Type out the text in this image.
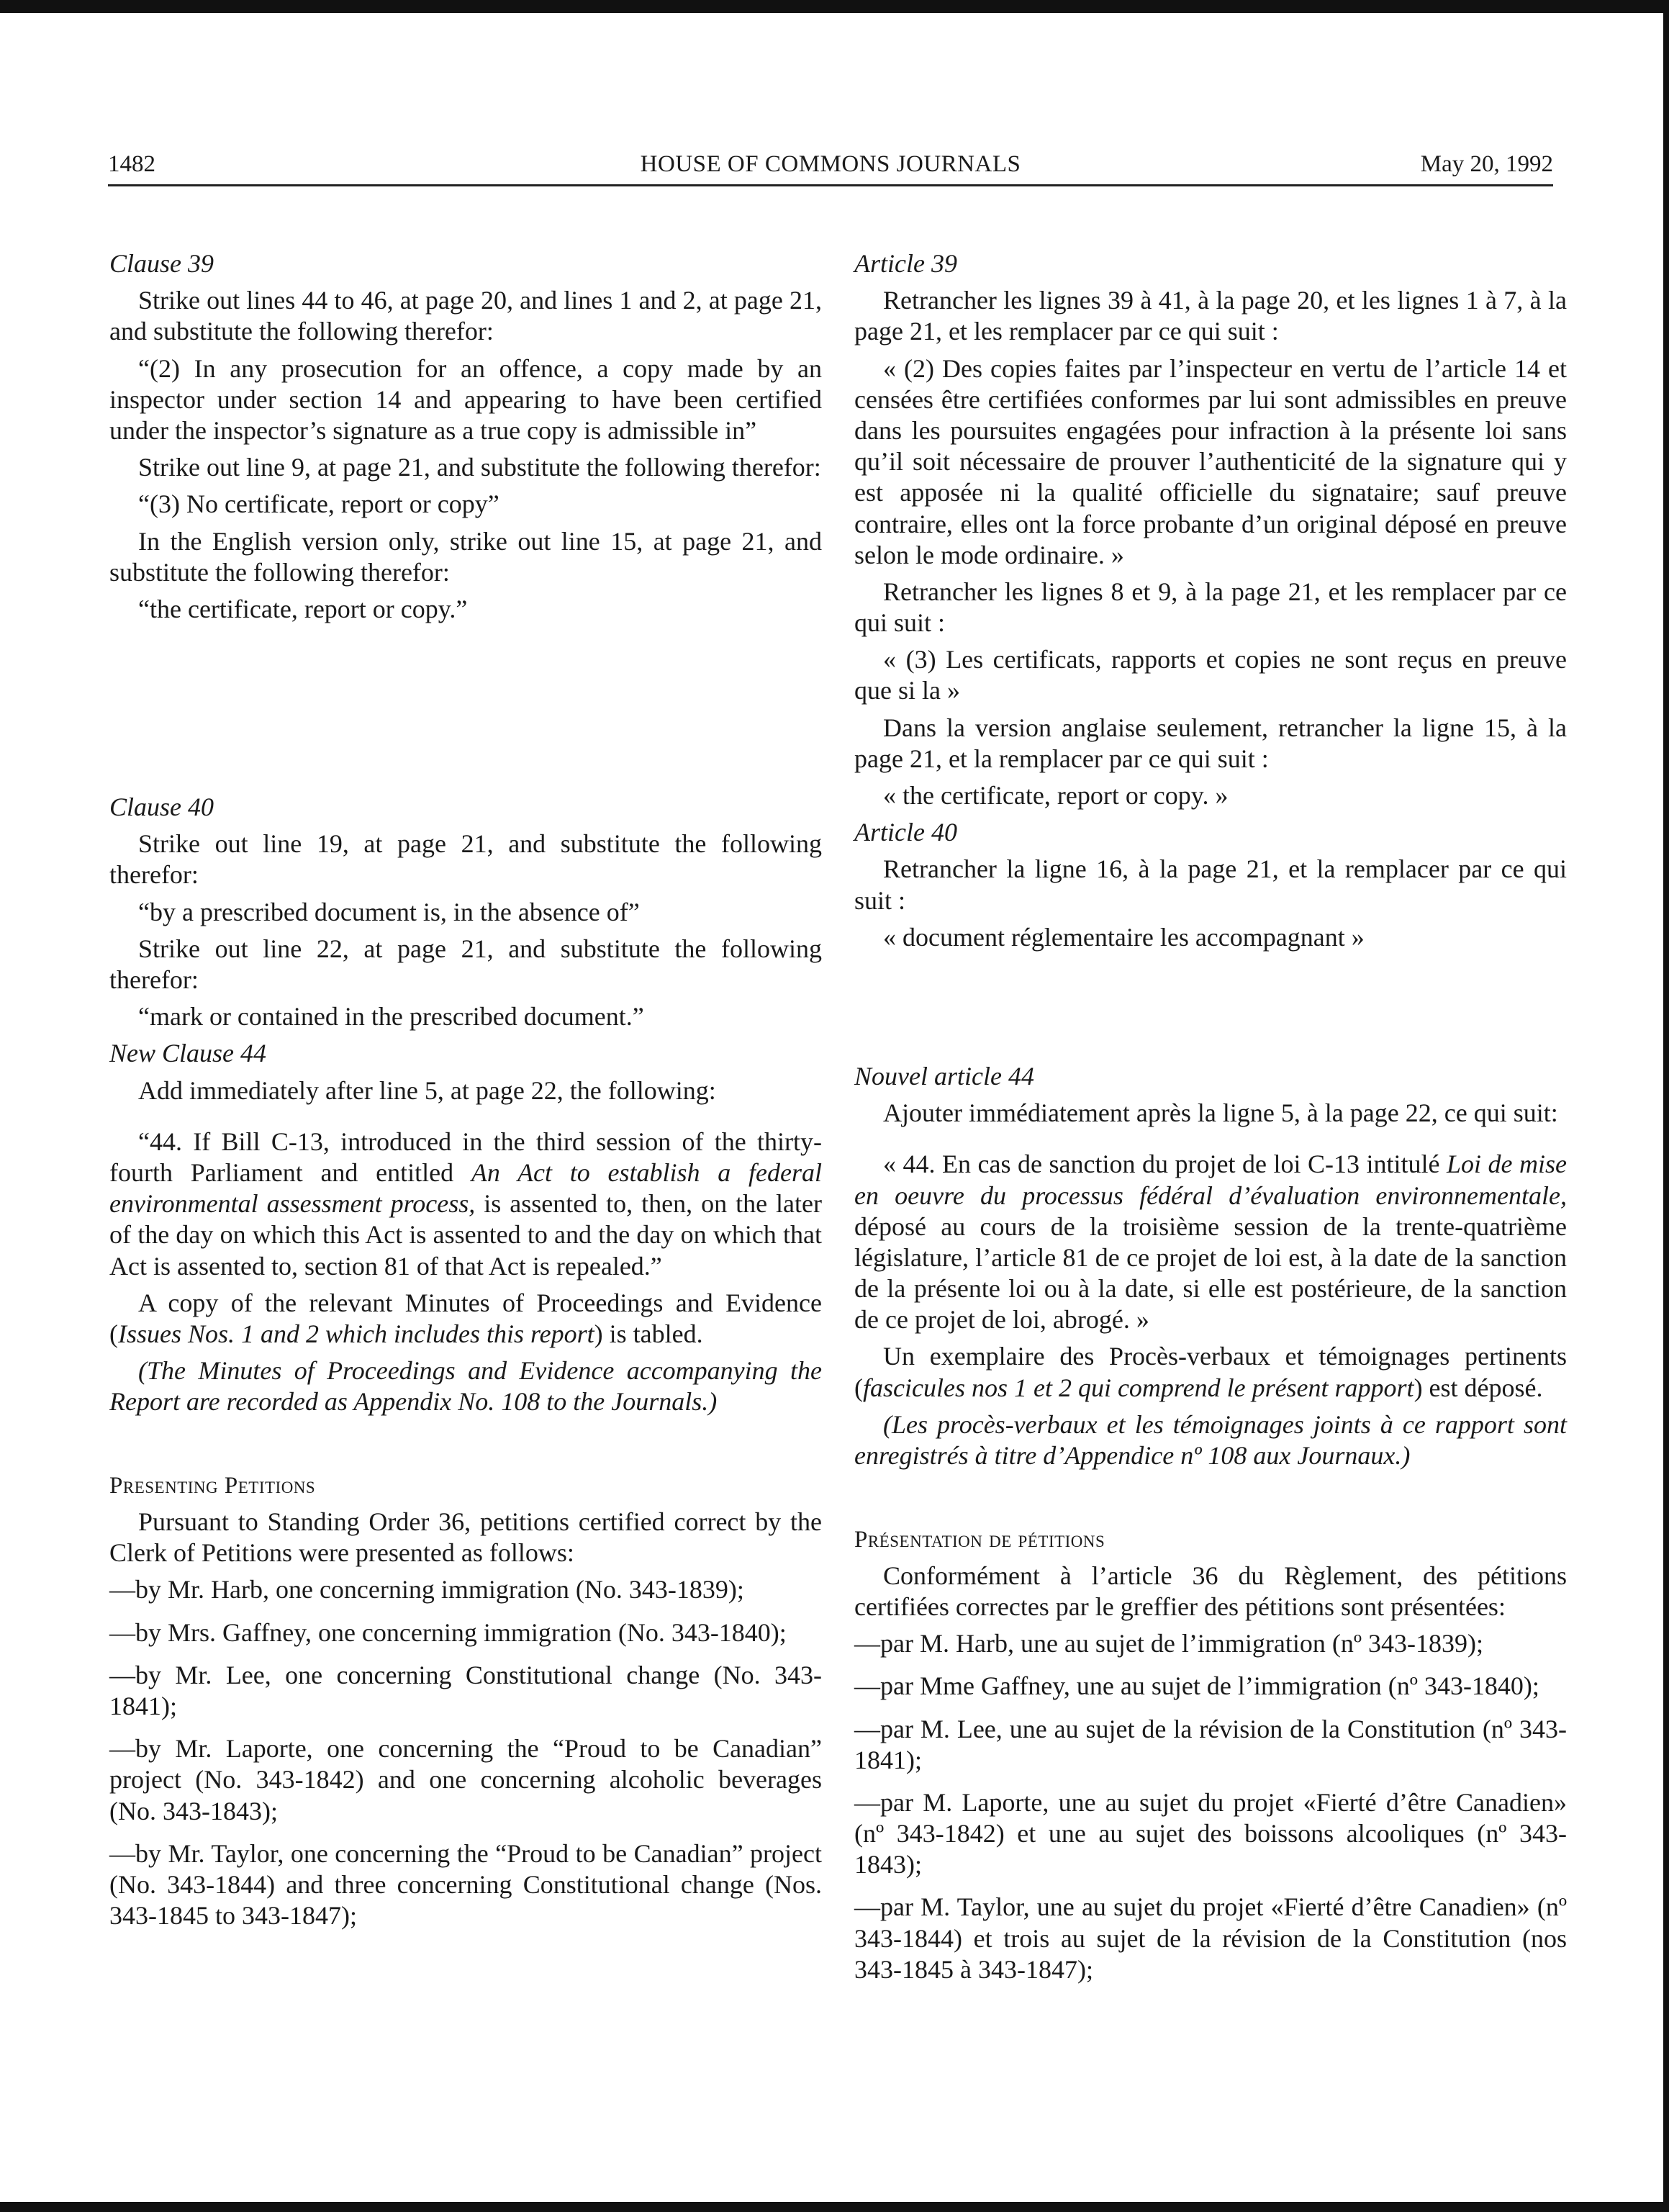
1482	HOUSE OF COMMONS JOURNALS	May 20, 1992

Clause 39

Strike out lines 44 to 46, at page 20, and lines 1 and 2, at page 21, and substitute the following therefor:

“(2) In any prosecution for an offence, a copy made by an inspector under section 14 and appearing to have been certified under the inspector’s signature as a true copy is admissible in”

Strike out line 9, at page 21, and substitute the following therefor:

“(3) No certificate, report or copy”

In the English version only, strike out line 15, at page 21, and substitute the following therefor:

“the certificate, report or copy.”

Clause 40

Strike out line 19, at page 21, and substitute the following therefor:

“by a prescribed document is, in the absence of”

Strike out line 22, at page 21, and substitute the following therefor:

“mark or contained in the prescribed document.”

New Clause 44

Add immediately after line 5, at page 22, the following:

“44. If Bill C-13, introduced in the third session of the thirty-fourth Parliament and entitled An Act to establish a federal environmental assessment process, is assented to, then, on the later of the day on which this Act is assented to and the day on which that Act is assented to, section 81 of that Act is repealed.”

A copy of the relevant Minutes of Proceedings and Evidence (Issues Nos. 1 and 2 which includes this report) is tabled.

(The Minutes of Proceedings and Evidence accompanying the Report are recorded as Appendix No. 108 to the Journals.)

Presenting Petitions

Pursuant to Standing Order 36, petitions certified correct by the Clerk of Petitions were presented as follows:

—by Mr. Harb, one concerning immigration (No. 343-1839);

—by Mrs. Gaffney, one concerning immigration (No. 343-1840);

—by Mr. Lee, one concerning Constitutional change (No. 343-1841);

—by Mr. Laporte, one concerning the “Proud to be Canadian” project (No. 343-1842) and one concerning alcoholic beverages (No. 343-1843);

—by Mr. Taylor, one concerning the “Proud to be Canadian” project (No. 343-1844) and three concerning Constitutional change (Nos. 343-1845 to 343-1847);

Article 39

Retrancher les lignes 39 à 41, à la page 20, et les lignes 1 à 7, à la page 21, et les remplacer par ce qui suit :

« (2) Des copies faites par l’inspecteur en vertu de l’article 14 et censées être certifiées conformes par lui sont admissibles en preuve dans les poursuites engagées pour infraction à la présente loi sans qu’il soit nécessaire de prouver l’authenticité de la signature qui y est apposée ni la qualité officielle du signataire; sauf preuve contraire, elles ont la force probante d’un original déposé en preuve selon le mode ordinaire. »

Retrancher les lignes 8 et 9, à la page 21, et les remplacer par ce qui suit :

« (3) Les certificats, rapports et copies ne sont reçus en preuve que si la »

Dans la version anglaise seulement, retrancher la ligne 15, à la page 21, et la remplacer par ce qui suit :

« the certificate, report or copy. »

Article 40

Retrancher la ligne 16, à la page 21, et la remplacer par ce qui suit :

« document réglementaire les accompagnant »

Nouvel article 44

Ajouter immédiatement après la ligne 5, à la page 22, ce qui suit:

« 44. En cas de sanction du projet de loi C-13 intitulé Loi de mise en oeuvre du processus fédéral d’évaluation environnementale, déposé au cours de la troisième session de la trente-quatrième législature, l’article 81 de ce projet de loi est, à la date de la sanction de la présente loi ou à la date, si elle est postérieure, de la sanction de ce projet de loi, abrogé. »

Un exemplaire des Procès-verbaux et témoignages pertinents (fascicules nos 1 et 2 qui comprend le présent rapport) est déposé.

(Les procès-verbaux et les témoignages joints à ce rapport sont enregistrés à titre d’Appendice nº 108 aux Journaux.)

Présentation de pétitions

Conformément à l’article 36 du Règlement, des pétitions certifiées correctes par le greffier des pétitions sont présentées:

—par M. Harb, une au sujet de l’immigration (nº 343-1839);

—par Mme Gaffney, une au sujet de l’immigration (nº 343-1840);

—par M. Lee, une au sujet de la révision de la Constitution (nº 343-1841);

—par M. Laporte, une au sujet du projet «Fierté d’être Canadien» (nº 343-1842) et une au sujet des boissons alcooliques (nº 343-1843);

—par M. Taylor, une au sujet du projet «Fierté d’être Canadien» (nº 343-1844) et trois au sujet de la révision de la Constitution (nos 343-1845 à 343-1847);
